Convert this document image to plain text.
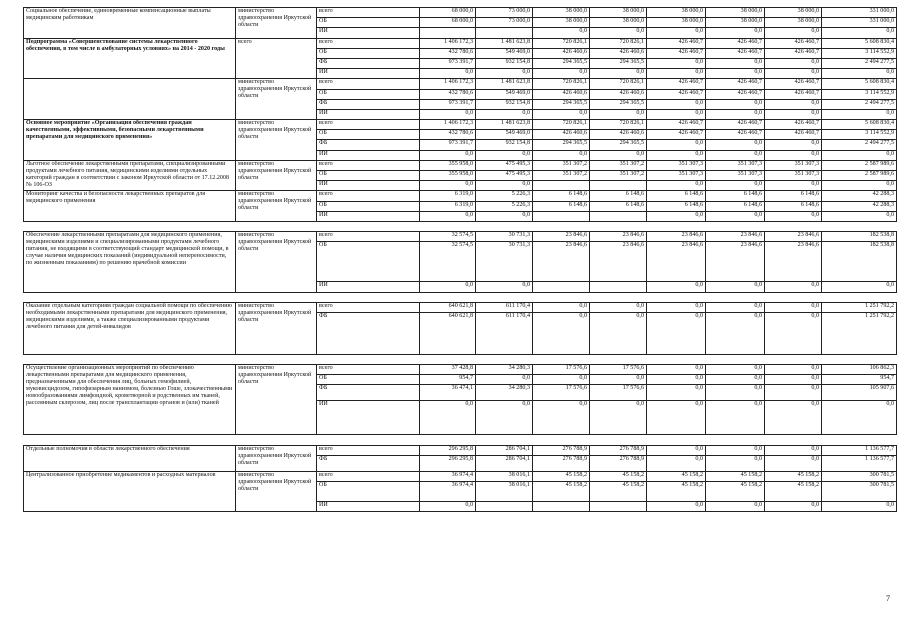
Социальное обеспечение, единовременные компенсационные выплаты медицинским работникам	министерство здравоохранения Иркутской области	всего	68 000,0	73 000,0	38 000,0	38 000,0	38 000,0	38 000,0	38 000,0	331 000,0
		ОБ	68 000,0	73 000,0	38 000,0	38 000,0	38 000,0	38 000,0	38 000,0	331 000,0
		ИИ			0,0	0,0	0,0	0,0	0,0	0,0
Подпрограмма «Совершенствование системы лекарственного обеспечения, в том числе в амбулаторных условиях» на 2014 - 2020 годы	всего	всего	1 406 172,3	1 481 623,8	720 826,1	720 826,1	426 460,7	426 460,7	426 460,7	5 608 830,4
		ОБ	432 780,6	549 469,0	426 460,6	426 460,6	426 460,7	426 460,7	426 460,7	3 114 552,9
		ФБ	973 391,7	932 154,8	294 365,5	294 365,5	0,0	0,0	0,0	2 494 277,5
		ИИ	0,0	0,0	0,0	0,0	0,0	0,0	0,0	0,0
	министерство здравоохранения Иркутской области	всего	1 406 172,3	1 481 623,8	720 826,1	720 826,1	426 460,7	426 460,7	426 460,7	5 608 830,4
		ОБ	432 780,6	549 469,0	426 460,6	426 460,6	426 460,7	426 460,7	426 460,7	3 114 552,9
		ФБ	973 391,7	932 154,8	294 365,5	294 365,5	0,0	0,0	0,0	2 494 277,5
		ИИ	0,0	0,0	0,0	0,0	0,0	0,0	0,0	0,0
Основное мероприятие «Организация обеспечения граждан качественными, эффективными, безопасными лекарственными препаратами для медицинского применения»	министерство здравоохранения Иркутской области	всего	1 406 172,3	1 481 623,8	720 826,1	720 826,1	426 460,7	426 460,7	426 460,7	5 608 830,4
		ОБ	432 780,6	549 469,0	426 460,6	426 460,6	426 460,7	426 460,7	426 460,7	3 114 552,9
		ФБ	973 391,7	932 154,8	294 365,5	294 365,5	0,0	0,0	0,0	2 494 277,5
		ИИ	0,0	0,0	0,0	0,0	0,0	0,0	0,0	0,0
Льготное обеспечение лекарственными препаратами, специализированными продуктами лечебного питания, медицинскими изделиями отдельных категорий граждан в соответствии с законом Иркутской области от 17.12.2008 № 106-ОЗ	министерство здравоохранения Иркутской области	всего	355 958,0	475 495,3	351 307,2	351 307,2	351 307,3	351 307,3	351 307,3	2 587 989,6
		ОБ	355 958,0	475 495,3	351 307,2	351 307,2	351 307,3	351 307,3	351 307,3	2 587 989,6
		ИИ	0,0	0,0			0,0	0,0	0,0	0,0
Мониторинг качества и безопасности лекарственных препаратов для медицинского применения	министерство здравоохранения Иркутской области	всего	6 319,0	5 226,3	6 148,6	6 148,6	6 148,6	6 148,6	6 148,6	42 288,3
		ОБ	6 319,0	5 226,3	6 148,6	6 148,6	6 148,6	6 148,6	6 148,6	42 288,3
		ИИ	0,0	0,0			0,0	0,0	0,0	0,0

Обеспечение лекарственными препаратами для медицинского применения, медицинскими изделиями и специализированными продуктами лечебного питания, не входящими в соответствующий стандарт медицинской помощи, в случае наличия медицинских показаний (индивидуальной непереносимости, по жизненным показаниям) по решению врачебной комиссии	министерство здравоохранения Иркутской области	всего	32 574,5	30 731,3	23 846,6	23 846,6	23 846,6	23 846,6	23 846,6	182 538,8
		ОБ	32 574,5	30 731,3	23 846,6	23 846,6	23 846,6	23 846,6	23 846,6	182 538,8
		ИИ	0,0	0,0			0,0	0,0	0,0	0,0

Оказание отдельным категориям граждан социальной помощи по обеспечению необходимыми лекарственными препаратами для медицинского применения, медицинскими изделиями, а также специализированными продуктами лечебного питания для детей-инвалидов	министерство здравоохранения Иркутской области	всего	640 621,8	611 170,4	0,0	0,0	0,0	0,0	0,0	1 251 792,2
		ФБ	640 621,8	611 170,4	0,0	0,0	0,0	0,0	0,0	1 251 792,2

Осуществление организационных мероприятий по обеспечению лекарственными препаратами для медицинского применения, предназначенными для обеспечения лиц, больных гемофилией, муковисцидозом, гипофизарным нанизмом, болезнью Гоше, злокачественными новообразованиями лимфоидной, кроветворной и родственных им тканей, рассеянным склерозом, лиц после трансплантации органов и (или) тканей	министерство здравоохранения Иркутской области	всего	37 428,8	34 280,3	17 576,6	17 576,6	0,0	0,0	0,0	106 862,3
		ОБ	954,7	0,0	0,0	0,0	0,0	0,0	0,0	954,7
		ФБ	36 474,1	34 280,3	17 576,6	17 576,6	0,0	0,0	0,0	105 907,6
		ИИ	0,0	0,0	0,0	0,0	0,0	0,0	0,0	0,0

Отдельные полномочия в области лекарственного обеспечения	министерство здравоохранения Иркутской области	всего	296 295,8	286 704,1	276 788,9	276 788,9	0,0	0,0	0,0	1 136 577,7
		ФБ	296 295,8	286 704,1	276 788,9	276 788,9	0,0	0,0	0,0	1 136 577,7
Централизованное приобретение медикаментов и расходных материалов	министерство здравоохранения Иркутской области	всего	36 974,4	38 016,1	45 158,2	45 158,2	45 158,2	45 158,2	45 158,2	300 781,5
		ОБ	36 974,4	38 016,1	45 158,2	45 158,2	45 158,2	45 158,2	45 158,2	300 781,5
		ИИ	0,0				0,0	0,0	0,0	0,0
7
